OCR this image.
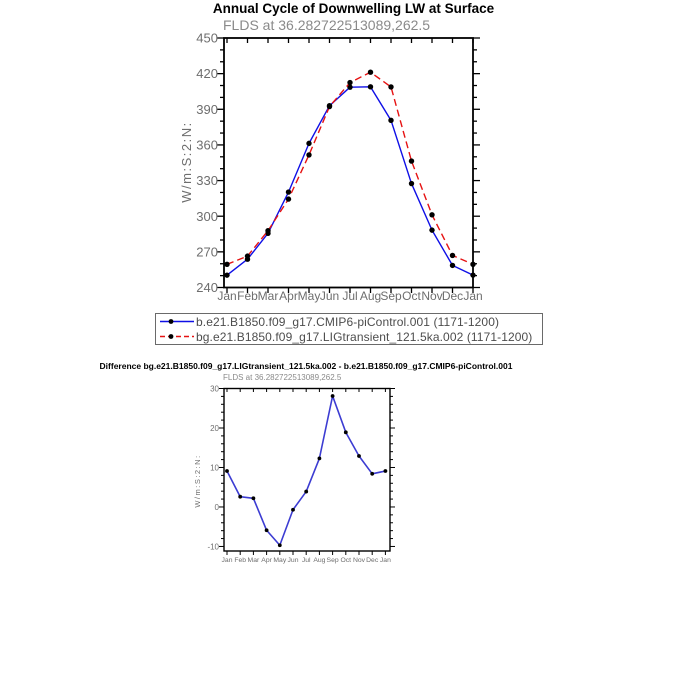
Annual Cycle of Downwelling LW at Surface
FLDS at 36.282722513089,262.5
240
270
300
330
360
390
420
450
Jan Feb Mar Apr May Jun Jul Aug Sep Oct Nov Dec Jan
W/m:S:2:N:
b.e21.B1850.f09_g17.CMIP6-piControl.001 (1171-1200)
bg.e21.B1850.f09_g17.LIGtransient_121.5ka.002 (1171-1200)
Difference bg.e21.B1850.f09_g17.LIGtransient_121.5ka.002 - b.e21.B1850.f09_g17.CMIP6-piControl.001
FLDS at 36.282722513089,262.5
-10
0
10
20
30
Jan Feb Mar Apr May Jun Jul Aug Sep Oct Nov Dec Jan
W/m:S:2:N:
